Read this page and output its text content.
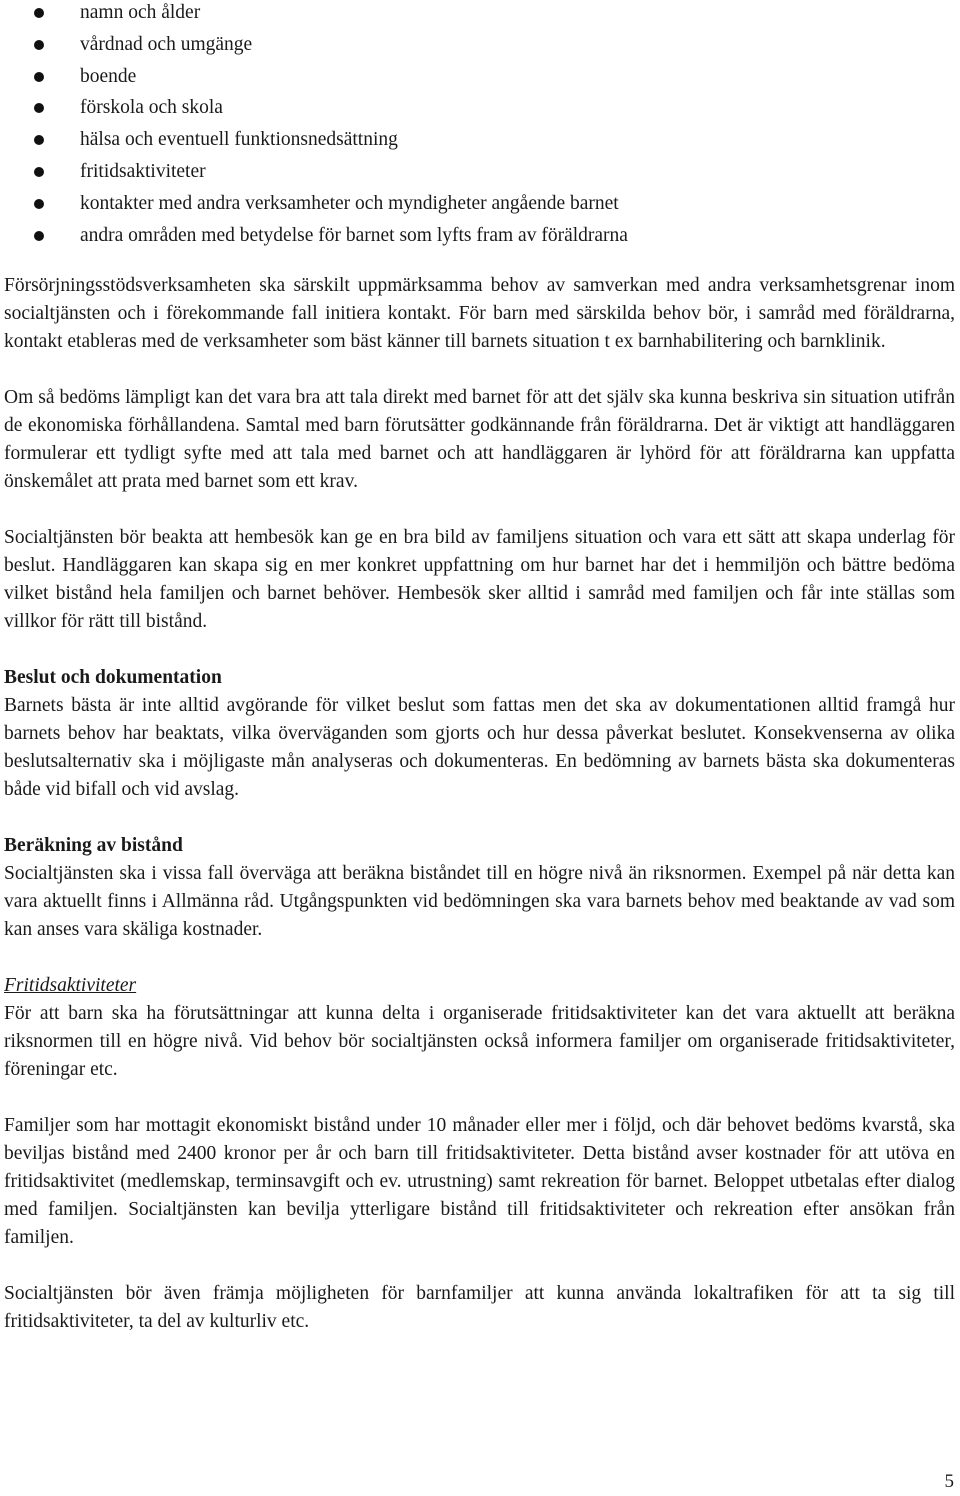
namn och ålder
vårdnad och umgänge
boende
förskola och skola
hälsa och eventuell funktionsnedsättning
fritidsaktiviteter
kontakter med andra verksamheter och myndigheter angående barnet
andra områden med betydelse för barnet som lyfts fram av föräldrarna

Försörjningsstödsverksamheten ska särskilt uppmärksamma behov av samverkan med andra verksamhetsgrenar inom socialtjänsten och i förekommande fall initiera kontakt. För barn med särskilda behov bör, i samråd med föräldrarna, kontakt etableras med de verksamheter som bäst känner till barnets situation t ex barnhabilitering och barnklinik.

Om så bedöms lämpligt kan det vara bra att tala direkt med barnet för att det själv ska kunna beskriva sin situation utifrån de ekonomiska förhållandena. Samtal med barn förutsätter godkännande från föräldrarna. Det är viktigt att handläggaren formulerar ett tydligt syfte med att tala med barnet och att handläggaren är lyhörd för att föräldrarna kan uppfatta önskemålet att prata med barnet som ett krav.

Socialtjänsten bör beakta att hembesök kan ge en bra bild av familjens situation och vara ett sätt att skapa underlag för beslut. Handläggaren kan skapa sig en mer konkret uppfattning om hur barnet har det i hemmiljön och bättre bedöma vilket bistånd hela familjen och barnet behöver. Hembesök sker alltid i samråd med familjen och får inte ställas som villkor för rätt till bistånd.

Beslut och dokumentation

Barnets bästa är inte alltid avgörande för vilket beslut som fattas men det ska av dokumentationen alltid framgå hur barnets behov har beaktats, vilka överväganden som gjorts och hur dessa påverkat beslutet. Konsekvenserna av olika beslutsalternativ ska i möjligaste mån analyseras och dokumenteras. En bedömning av barnets bästa ska dokumenteras både vid bifall och vid avslag.

Beräkning av bistånd

Socialtjänsten ska i vissa fall överväga att beräkna biståndet till en högre nivå än riksnormen. Exempel på när detta kan vara aktuellt finns i Allmänna råd. Utgångspunkten vid bedömningen ska vara barnets behov med beaktande av vad som kan anses vara skäliga kostnader.

Fritidsaktiviteter

För att barn ska ha förutsättningar att kunna delta i organiserade fritidsaktiviteter kan det vara aktuellt att beräkna riksnormen till en högre nivå. Vid behov bör socialtjänsten också informera familjer om organiserade fritidsaktiviteter, föreningar etc.

Familjer som har mottagit ekonomiskt bistånd under 10 månader eller mer i följd, och där behovet bedöms kvarstå, ska beviljas bistånd med 2400 kronor per år och barn till fritidsaktiviteter. Detta bistånd avser kostnader för att utöva en fritidsaktivitet (medlemskap, terminsavgift och ev. utrustning) samt rekreation för barnet. Beloppet utbetalas efter dialog med familjen. Socialtjänsten kan bevilja ytterligare bistånd till fritidsaktiviteter och rekreation efter ansökan från familjen.

Socialtjänsten bör även främja möjligheten för barnfamiljer att kunna använda lokaltrafiken för att ta sig till fritidsaktiviteter, ta del av kulturliv etc.

5
